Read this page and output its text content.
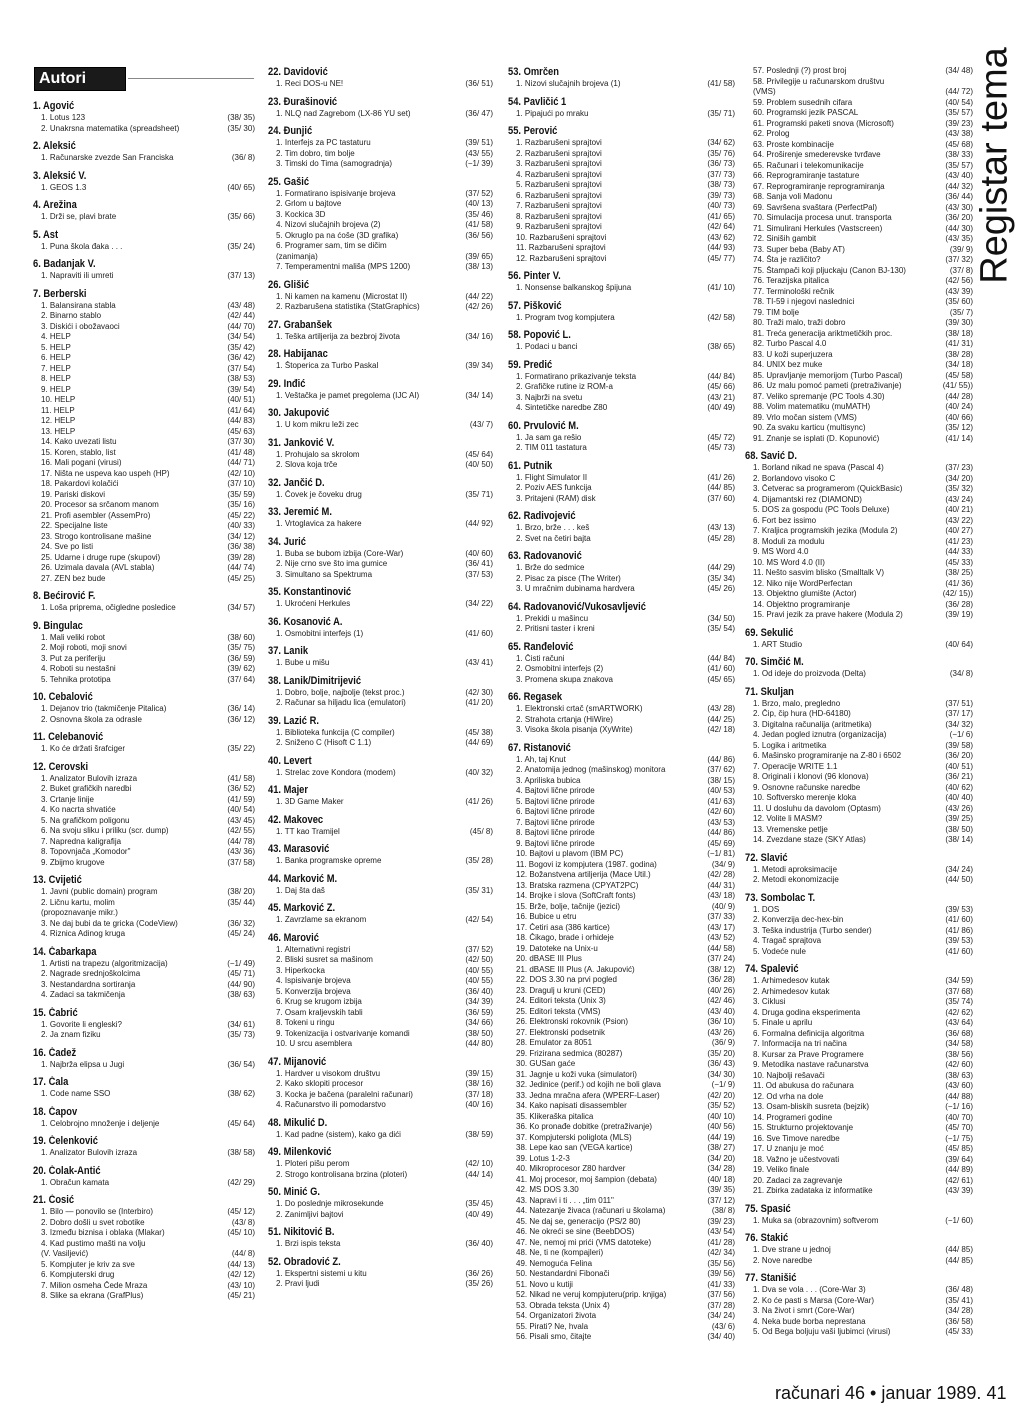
Autori
1. Agović
1. Lotus 123	(38/ 35)
2. Unakrsna matematika (spreadsheet)	(35/ 30)
2. Aleksić
1. Računarske zvezde San Franciska	(36/ 8)
3. Aleksić V.
1. GEOS 1.3	(40/ 65)
4. Arežina
1. Drži se, plavi brate	(35/ 66)
5. Ast
1. Puna škola đaka . . .	(35/ 24)
6. Badanjak V.
1. Napraviti ili umreti	(37/ 13)
7. Berberski
1. Balansirana stabla	(43/ 48)
2. Binarno stablo	(42/ 44)
3. Diskići i obožavaoci	(44/ 70)
4. HELP	(34/ 54)
5. HELP	(35/ 42)
6. HELP	(36/ 42)
7. HELP	(37/ 54)
8. HELP	(38/ 53)
9. HELP	(39/ 54)
10. HELP	(40/ 51)
11. HELP	(41/ 64)
12. HELP	(44/ 83)
13. HELP	(45/ 63)
14. Kako uvezati listu	(37/ 30)
15. Koren, stablo, list	(41/ 48)
16. Mali pogani (virusi)	(44/ 71)
17. Ništa ne uspeva kao uspeh (HP)	(42/ 10)
18. Pakardovi kolačići	(37/ 10)
19. Pariski diskovi	(35/ 59)
20. Procesor sa srčanom manom	(35/ 16)
21. Profi asembler (AssemPro)	(45/ 22)
22. Specijalne liste	(40/ 33)
23. Strogo kontrolisane mašine	(34/ 12)
24. Sve po listi	(36/ 38)
25. Udarne i druge rupe (skupovi)	(39/ 28)
26. Uzimala davala (AVL stabla)	(44/ 74)
27. ZEN bez bude	(45/ 25)
8. Bećirović F.
1. Loša priprema, očigledne posledice	(34/ 57)
9. Bingulac
1. Mali veliki robot	(38/ 60)
2. Moji roboti, moji snovi	(35/ 75)
3. Put za periferiju	(36/ 59)
4. Roboti su nestašni	(39/ 62)
5. Tehnika prototipa	(37/ 64)
10. Cebalović
1. Dejanov trio (takmičenje Pitalica)	(36/ 14)
2. Osnovna škola za odrasle	(36/ 12)
11. Celebanović
1. Ko će držati šrafciger	(35/ 22)
12. Cerovski
1. Analizator Bulovih izraza	(41/ 58)
2. Buket grafičkih naredbi	(36/ 52)
3. Crtanje linije	(41/ 59)
4. Ko nacrta shvatiće	(40/ 54)
5. Na grafičkom poligonu	(43/ 45)
6. Na svoju sliku i priliku (scr. dump)	(42/ 55)
7. Napredna kaligrafija	(44/ 78)
8. Topovnjača „Komodor"	(43/ 36)
9. Zbijmo krugove	(37/ 58)
13. Cvijetić
1. Javni (public domain) program	(38/ 20)
2. Ličnu kartu, molim	(35/ 44)
(propoznavanje mikr.)
3. Ne daj bubi da te gricka (CodeView)	(36/ 32)
4. Riznica Adinog kruga	(45/ 24)
14. Čabarkapa
1. Artisti na trapezu (algoritmizacija)	(−1/ 49)
2. Nagrade srednjoškolcima	(45/ 71)
3. Nestandardna sortiranja	(44/ 90)
4. Zadaci sa takmičenja	(38/ 63)
15. Čabrić
1. Govorite li engleski?	(34/ 61)
2. Ja znam fiziku	(35/ 73)
16. Čadež
1. Najbrža elipsa u Jugi	(36/ 54)
17. Čala
1. Code name SSO	(38/ 62)
18. Čapov
1. Celobrojno množenje i deljenje	(45/ 64)
19. Čelenković
1. Analizator Bulovih izraza	(38/ 58)
20. Čolak-Antić
1. Obračun kamata	(42/ 29)
21. Ćosić
1. Bilo — ponovilo se (Interbiro)	(45/ 12)
2. Dobro došli u svet robotike	(43/ 8)
3. Između biznisa i oblaka (Mlakar)	(45/ 10)
4. Kad pustimo mašti na volju
(V. Vasiljević)	(44/ 8)
5. Kompjuter je kriv za sve	(44/ 13)
6. Kompjuterski drug	(42/ 12)
7. Milion osmeha Čede Mraza	(43/ 10)
8. Slike sa ekrana (GrafPlus)	(45/ 21)
22. Davidović
1. Reci DOS-u NE!	(36/ 51)
23. Đurašinović
1. NLQ nad Zagrebom (LX-86 YU set)	(36/ 47)
24. Đunjić
1. Interfejs za PC tastaturu	(39/ 51)
2. Tim dobro, tim bolje	(43/ 55)
3. Timski do Tima (samogradnja)	(−1/ 39)
25. Gašić
1. Formatirano ispisivanje brojeva	(37/ 52)
2. Grlom u bajtove	(40/ 13)
3. Kockica 3D	(35/ 46)
4. Nizovi slučajnih brojeva (2)	(41/ 58)
5. Okruglo pa na ćoše (3D grafika)	(36/ 56)
6. Programer sam, tim se dičim
(zanimanja)	(39/ 65)
7. Temperamentni mališa (MPS 1200)	(38/ 13)
26. Glišić
1. Ni kamen na kamenu (Microstat II)	(44/ 22)
2. Razbarušena statistika (StatGraphics)	(42/ 26)
27. Grabanšek
1. Teška artiljerija za bezbroj života	(34/ 16)
28. Habijanac
1. Štoperica za Turbo Paskal	(39/ 34)
29. Inđić
1. Veštačka je pamet pregolema (IJC AI)	(34/ 14)
30. Jakupović
1. U kom mikru leži zec	(43/ 7)
31. Janković V.
1. Prohujalo sa skrolom	(45/ 64)
2. Slova koja trče	(40/ 50)
32. Jančić D.
1. Čovek je čoveku drug	(35/ 71)
33. Jeremić M.
1. Vrtoglavica za hakere	(44/ 92)
34. Jurić
1. Buba se bubom izbija (Core-War)	(40/ 60)
2. Nije crno sve što ima gumice	(36/ 41)
3. Simultano sa Spektruma	(37/ 53)
35. Konstantinović
1. Ukroćeni Herkules	(34/ 22)
36. Kosanović A.
1. Osmobitni interfejs (1)	(41/ 60)
37. Lanik
1. Bube u mišu	(43/ 41)
38. Lanik/Dimitrijević
1. Dobro, bolje, najbolje (tekst proc.)	(42/ 30)
2. Računar sa hiljadu lica (emulatori)	(41/ 20)
39. Lazić R.
1. Biblioteka funkcija (C compiler)	(45/ 38)
2. Sniženo C (Hisoft C 1.1)	(44/ 69)
40. Levert
1. Strelac zove Kondora (modem)	(40/ 32)
41. Majer
1. 3D Game Maker	(41/ 26)
42. Makovec
1. TT kao Tramijel	(45/ 8)
43. Marasović
1. Banka programske opreme	(35/ 28)
44. Marković M.
1. Daj šta daš	(35/ 31)
45. Marković Z.
1. Zavrzlame sa ekranom	(42/ 54)
46. Marović
1. Alternativni registri	(37/ 52)
2. Bliski susret sa mašinom	(42/ 50)
3. Hiperkocka	(40/ 55)
4. Ispisivanje brojeva	(40/ 55)
5. Konverzija brojeva	(36/ 40)
6. Krug se krugom izbija	(34/ 39)
7. Osam kraljevskih tabli	(36/ 59)
8. Tokeni u ringu	(34/ 66)
9. Tokenizacija i ostvarivanje komandi	(38/ 50)
10. U srcu asemblera	(44/ 80)
47. Mijanović
1. Hardver u visokom društvu	(39/ 15)
2. Kako sklopiti procesor	(38/ 16)
3. Kocka je bačena (paralelni računari)	(37/ 18)
4. Računarstvo ili pomodarstvo	(40/ 16)
48. Mikulić D.
1. Kad padne (sistem), kako ga dići	(38/ 59)
49. Milenković
1. Ploteri pišu perom	(42/ 10)
2. Strogo kontrolisana brzina (ploteri)	(44/ 14)
50. Minić G.
1. Do poslednje mikrosekunde	(35/ 45)
2. Zanimljivi bajtovi	(40/ 49)
51. Nikitović B.
1. Brzi ispis teksta	(36/ 40)
52. Obradović Z.
1. Ekspertni sistemi u kitu	(36/ 26)
2. Pravi ljudi	(35/ 26)
53. Omrčen
1. Nizovi slučajnih brojeva (1)	(41/ 58)
54. Pavličić 1
1. Pipajući po mraku	(35/ 71)
55. Perović
1. Razbarušeni sprajtovi	(34/ 62)
2. Razbarušeni sprajtovi	(35/ 76)
3. Razbarušeni sprajtovi	(36/ 73)
4. Razbarušeni sprajtovi	(37/ 73)
5. Razbarušeni sprajtovi	(38/ 73)
6. Razbarušeni sprajtovi	(39/ 73)
7. Razbarušeni sprajtovi	(40/ 73)
8. Razbarušeni sprajtovi	(41/ 65)
9. Razbarušeni sprajtovi	(42/ 64)
10. Razbarušeni sprajtovi	(43/ 62)
11. Razbarušeni sprajtovi	(44/ 93)
12. Razbarušeni sprajtovi	(45/ 77)
56. Pinter V.
1. Nonsense balkanskog špijuna	(41/ 10)
57. Pišković
1. Program tvog kompjutera	(42/ 58)
58. Popović L.
1. Podaci u banci	(38/ 65)
59. Predić
1. Formatirano prikazivanje teksta	(44/ 84)
2. Grafičke rutine iz ROM-a	(45/ 66)
3. Najbrži na svetu	(43/ 21)
4. Sintetičke naredbe Z80	(40/ 49)
60. Prvulović M.
1. Ja sam ga rešio	(45/ 72)
2. TIM 011 tastatura	(45/ 73)
61. Putnik
1. Flight Simulator II	(41/ 26)
2. Poziv AES funkcija	(44/ 85)
3. Pritajeni (RAM) disk	(37/ 60)
62. Radivojević
1. Brzo, brže . . . keš	(43/ 13)
2. Svet na četiri bajta	(45/ 28)
63. Radovanović
1. Brže do sedmice	(44/ 29)
2. Pisac za pisce (The Writer)	(35/ 34)
3. U mračnim dubinama hardvera	(45/ 26)
64. Radovanović/Vukosavljević
1. Prekidi u mašincu	(34/ 50)
2. Pritisni taster i kreni	(35/ 54)
65. Ranđelović
1. Čisti računi	(44/ 84)
2. Osmobitni interfejs (2)	(41/ 60)
3. Promena skupa znakova	(45/ 65)
66. Regasek
1. Elektronski crtač (smARTWORK)	(43/ 28)
2. Strahota crtanja (HiWire)	(44/ 25)
3. Visoka škola pisanja (XyWrite)	(42/ 18)
67. Ristanović
1. Ah, taj Knut	(44/ 86)
2. Anatomija jednog (mašinskog) monitora	(37/ 62)
3. Apriliska bubica	(38/ 15)
4. Bajtovi lične prirode	(40/ 53)
5. Bajtovi lične prirode	(41/ 63)
6. Bajtovi lične prirode	(42/ 60)
7. Bajtovi lične prirode	(43/ 53)
8. Bajtovi lične prirode	(44/ 86)
9. Bajtovi lične prirode	(45/ 69)
10. Bajtovi u plavom (IBM PC)	(−1/ 81)
11. Bogovi iz kompjutera (1987. godina)	(34/ 9)
12. Božanstvena artiljerija (Mace Util.)	(42/ 28)
13. Bratska razmena (CPYAT2PC)	(44/ 31)
14. Brojke i slova (SoftCraft fonts)	(43/ 18)
15. Brže, bolje, tačnije (jezici)	(40/ 9)
16. Bubice u etru	(37/ 33)
17. Četiri asa (386 kartice)	(43/ 17)
18. Čikago, brade i orhideje	(43/ 52)
19. Datoteke na Unix-u	(44/ 58)
20. dBASE III Plus	(37/ 24)
21. dBASE III Plus (A. Jakupović)	(38/ 12)
22. DOS 3.30 na prvi pogled	(36/ 28)
23. Dragulj u kruni (CED)	(40/ 26)
24. Editori teksta (Unix 3)	(42/ 46)
25. Editori teksta (VMS)	(43/ 40)
26. Elektronski rokovnik (Psion)	(36/ 10)
27. Elektronski podsetnik	(43/ 26)
28. Emulator za 8051	(36/ 9)
29. Frizirana sedmica (80287)	(35/ 20)
30. GUSan gaće	(36/ 43)
31. Jagnje u koži vuka (simulatori)	(34/ 30)
32. Jedinice (perif.) od kojih ne boli glava	(−1/ 9)
33. Jedna mračna afera (WPERF-Laser)	(42/ 20)
34. Kako napisati disassembler	(35/ 52)
35. Klikeraška pitalica	(40/ 10)
36. Ko pronađe dobitke (pretraživanje)	(40/ 56)
37. Kompjuterski poliglota (MLS)	(44/ 19)
38. Lepe kao san (VEGA kartice)	(38/ 27)
39. Lotus 1-2-3	(34/ 20)
40. Mikroprocesor Z80 hardver	(34/ 28)
41. Moj procesor, moj šampion (debata)	(40/ 18)
42. MS DOS 3.30	(39/ 35)
43. Napravi i ti . . . „tim 011"	(37/ 12)
44. Natezanje živaca (računari u školama)	(38/ 8)
45. Ne daj se, generacijo (PS/2 80)	(39/ 23)
46. Ne okreći se sine (BeebDOS)	(43/ 54)
47. Ne, nemoj mi prići (VMS datoteke)	(41/ 28)
48. Ne, ti ne (kompajleri)	(42/ 34)
49. Nemoguća Felina	(35/ 56)
50. Nestandardni Fibonači	(39/ 56)
51. Novo u kutiji	(41/ 33)
52. Nikad ne veruj kompjuteru(prip. knjiga)	(37/ 56)
53. Obrada teksta (Unix 4)	(37/ 28)
54. Organizatori života	(34/ 24)
55. Pirati? Ne, hvala	(43/ 6)
56. Pisali smo, čitajte	(34/ 40)
57. Poslednji (?) prost broj	(34/ 48)
58. Privilegije u računarskom društvu
(VMS)	(44/ 72)
59. Problem susednih cifara	(40/ 54)
60. Programski jezik PASCAL	(35/ 57)
61. Programski paketi snova (Microsoft)	(39/ 23)
62. Prolog	(43/ 38)
63. Proste kombinacije	(45/ 68)
64. Proširenje smederevske tvrđave	(38/ 33)
65. Računari i telekomunikacije	(35/ 57)
66. Reprogramiranje tastature	(43/ 40)
67. Reprogramiranje reprogramiranja	(44/ 32)
68. Sanja voli Madonu	(36/ 44)
69. Savršena svaštara (PerfectPal)	(43/ 30)
70. Simulacija procesa unut. transporta	(36/ 20)
71. Simulirani Herkules (Vastscreen)	(44/ 30)
72. Siniših gambit	(43/ 35)
73. Super beba (Baby AT)	(39/ 9)
74. Šta je različito?	(37/ 32)
75. Štampači koji pljuckaju (Canon BJ-130)	(37/ 8)
76. Terazijska pitalica	(42/ 56)
77. Terminološki rečnik	(43/ 39)
78. TI-59 i njegovi naslednici	(35/ 60)
79. TIM bolje	(35/ 7)
80. Traži malo, traži dobro	(39/ 30)
81. Treća generacija ariktmetičkih proc.	(38/ 18)
82. Turbo Pascal 4.0	(41/ 31)
83. U koži superjuzera	(38/ 28)
84. UNIX bez muke	(34/ 18)
85. Upravljanje memorijom (Turbo Pascal)	(45/ 58)
86. Uz malu pomoć pameti (pretraživanje)	(41/ 55))
87. Veliko spremanje (PC Tools 4.30)	(44/ 28)
88. Volim matematiku (muMATH)	(40/ 24)
89. Vrlo močan sistem (VMS)	(40/ 66)
90. Za svaku karticu (multisync)	(35/ 12)
91. Znanje se isplati (D. Kopunović)	(41/ 14)
68. Savić D.
1. Borland nikad ne spava (Pascal 4)	(37/ 23)
2. Borlandovo visoko C	(34/ 20)
3. Četverac sa programerom (QuickBasic)	(35/ 32)
4. Dijamantski rez (DIAMOND)	(43/ 24)
5. DOS za gospodu (PC Tools Deluxe)	(40/ 21)
6. Fort bez issimo	(43/ 22)
7. Kraljica programskih jezika (Modula 2)	(40/ 27)
8. Moduli za modulu	(41/ 23)
9. MS Word 4.0	(44/ 33)
10. MS Word 4.0 (II)	(45/ 33)
11. Nešto sasvim blisko (Smalltalk V)	(38/ 25)
12. Niko nije WordPerfectan	(41/ 36)
13. Objektno glumište (Actor)	(42/ 15))
14. Objektno programiranje	(36/ 28)
15. Pravi jezik za prave hakere (Modula 2)	(39/ 19)
69. Sekulić
1. ART Studio	(40/ 64)
70. Simčić M.
1. Od ideje do proizvoda (Delta)	(34/ 8)
71. Skuljan
1. Brzo, malo, pregledno	(37/ 51)
2. Čip, čip hura (HD-64180)	(37/ 17)
3. Digitalna računalija (aritmetika)	(34/ 32)
4. Jedan pogled iznutra (organizacija)	(−1/ 6)
5. Logika i aritmetika	(39/ 58)
6. Mašinsko programiranje na Z-80 i 6502	(36/ 20)
7. Operacije WRITE 1.1	(40/ 51)
8. Originali i klonovi (96 klonova)	(36/ 21)
9. Osnovne računske naredbe	(40/ 62)
10. Softversko merenje kloka	(40/ 40)
11. U dosluhu da davolom (Optasm)	(43/ 26)
12. Volite li MASM?	(39/ 25)
13. Vremenske petlje	(38/ 50)
14. Zvezdane staze (SKY Atlas)	(38/ 14)
72. Slavić
1. Metodi aproksimacije	(34/ 24)
2. Metodi ekonomizacije	(44/ 50)
73. Sombolac T.
1. DOS	(39/ 53)
2. Konverzija dec-hex-bin	(41/ 60)
3. Teška industrija (Turbo sender)	(41/ 86)
4. Tragač sprajtova	(39/ 53)
5. Vodeće nule	(41/ 60)
74. Spalević
1. Arhimedesov kutak	(34/ 59)
2. Arhimedesov kutak	(37/ 68)
3. Ciklusi	(35/ 74)
4. Druga godina eksperimenta	(42/ 62)
5. Finale u aprilu	(43/ 64)
6. Formalna definicija algoritma	(36/ 68)
7. Informacija na tri načina	(34/ 58)
8. Kursar za Prave Programere	(38/ 56)
9. Metodika nastave računarstva	(42/ 60)
10. Najbolji rešavači	(38/ 63)
11. Od abukusa do računara	(43/ 60)
12. Od vrha na dole	(44/ 88)
13. Osam-bliskih susreta (bejzik)	(−1/ 16)
14. Programeri godine	(40/ 70)
15. Strukturno projektovanje	(45/ 70)
16. Sve Timove naredbe	(−1/ 75)
17. U znanju je moć	(45/ 85)
18. Važno je učestvovati	(39/ 64)
19. Veliko finale	(44/ 89)
20. Zadaci za zagrevanje	(42/ 61)
21. Zbirka zadataka iz informatike	(43/ 39)
75. Spasić
1. Muka sa (obrazovnim) softverom	(−1/ 60)
76. Stakić
1. Dve strane u jednoj	(44/ 85)
2. Nove naredbe	(44/ 85)
77. Stanišić
1. Dva se vola . . . (Core-War 3)	(36/ 48)
2. Ko će pasti s Marsa (Core-War)	(35/ 41)
3. Na život i smrt (Core-War)	(34/ 28)
4. Neka bude borba neprestana	(36/ 58)
5. Od Bega boljuju vaši ljubimci (virusi)	(45/ 33)
Registar tema
računari 46 • januar 1989. 41
